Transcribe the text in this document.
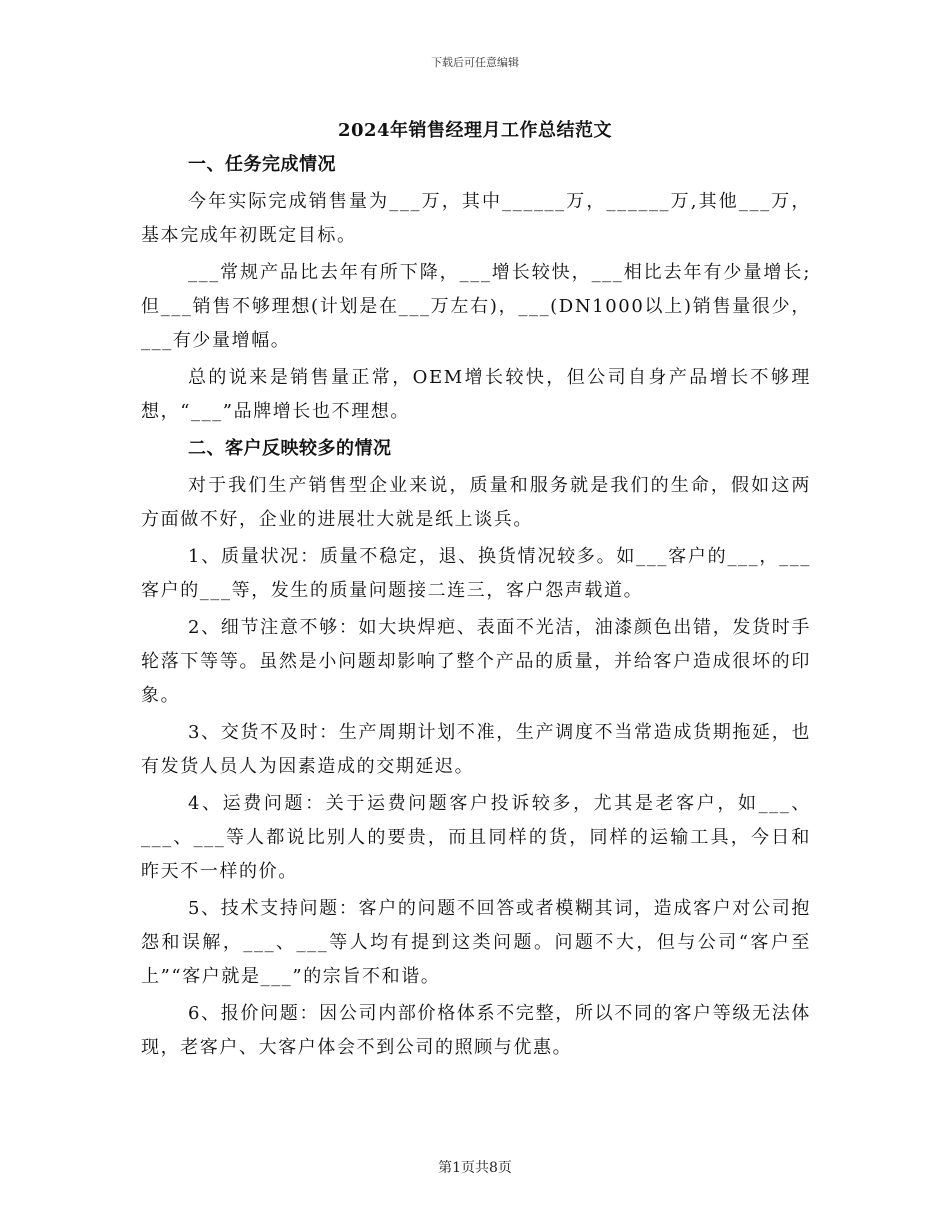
下载后可任意编辑
2024年销售经理月工作总结范文
一、任务完成情况

今年实际完成销售量为___万，其中______万，______万,其他___万，基本完成年初既定目标。

___常规产品比去年有所下降，___增长较快，___相比去年有少量增长;但___销售不够理想(计划是在___万左右)，___(DN1000以上)销售量很少，___有少量增幅。

总的说来是销售量正常，OEM增长较快，但公司自身产品增长不够理想，“___”品牌增长也不理想。

二、客户反映较多的情况

对于我们生产销售型企业来说，质量和服务就是我们的生命，假如这两方面做不好，企业的进展壮大就是纸上谈兵。

1、质量状况：质量不稳定，退、换货情况较多。如___客户的___，___客户的___等，发生的质量问题接二连三，客户怨声载道。

2、细节注意不够：如大块焊疤、表面不光洁，油漆颜色出错，发货时手轮落下等等。虽然是小问题却影响了整个产品的质量，并给客户造成很坏的印象。

3、交货不及时：生产周期计划不准，生产调度不当常造成货期拖延，也有发货人员人为因素造成的交期延迟。

4、运费问题：关于运费问题客户投诉较多，尤其是老客户，如___、___、___等人都说比别人的要贵，而且同样的货，同样的运输工具，今日和昨天不一样的价。

5、技术支持问题：客户的问题不回答或者模糊其词，造成客户对公司抱怨和误解，___、___等人均有提到这类问题。问题不大，但与公司“客户至上”“客户就是___”的宗旨不和谐。

6、报价问题：因公司内部价格体系不完整，所以不同的客户等级无法体现，老客户、大客户体会不到公司的照顾与优惠。

第1页共8页
